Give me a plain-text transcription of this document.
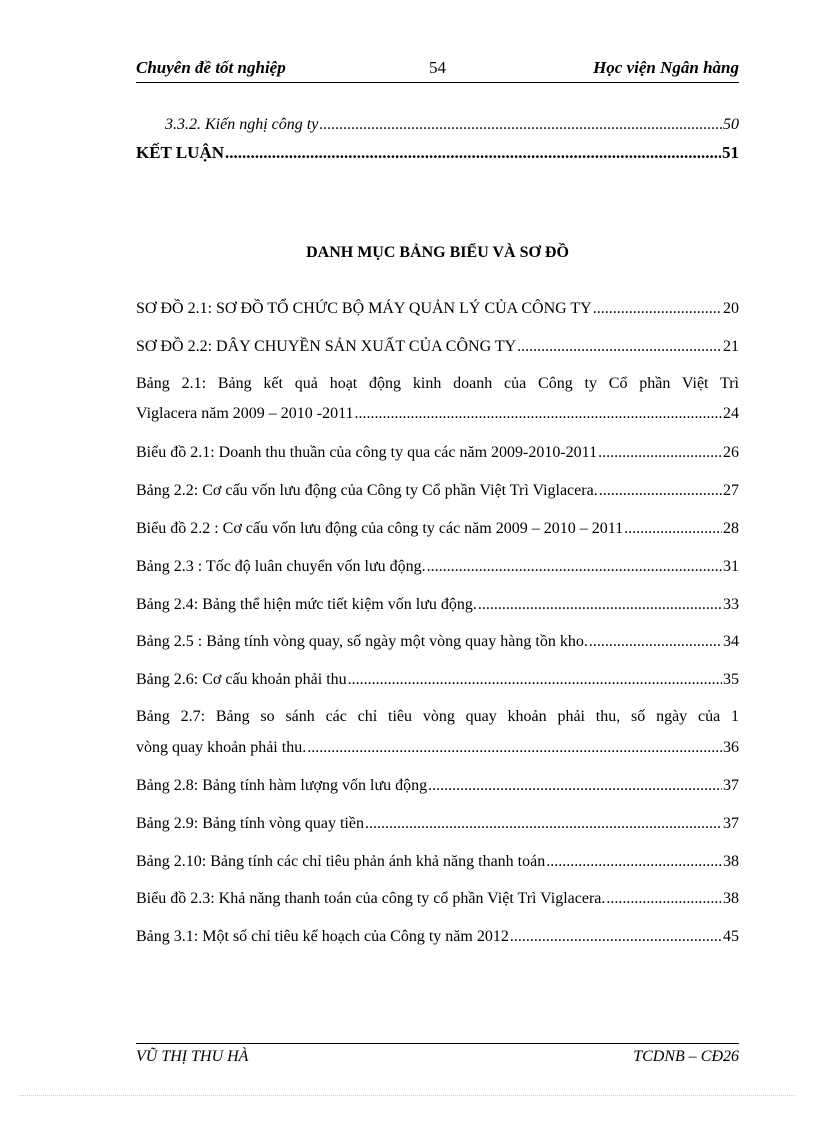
Chuyên đề tốt nghiệp	54	Học viện Ngân hàng
3.3.2. Kiến nghị công ty .....	50
KẾT LUẬN .....	51
DANH MỤC BẢNG BIỂU VÀ SƠ ĐỒ
SƠ ĐỒ 2.1: SƠ ĐỒ TỔ CHỨC BỘ MÁY QUẢN LÝ CỦA CÔNG TY .....	20
SƠ ĐỒ 2.2: DÂY CHUYỀN SẢN XUẤT CỦA CÔNG TY .....	21
Bảng 2.1: Bảng kết quả hoạt động kinh doanh của Công ty Cổ phần Việt Trì
Viglacera năm 2009 – 2010 -2011 .....	24
Biểu đồ 2.1: Doanh thu thuần của công ty qua các năm 2009-2010-2011 .....	26
Bảng 2.2: Cơ cấu vốn lưu động của Công ty Cổ phần Việt Trì Viglacera. .....	27
Biểu đồ 2.2 : Cơ cấu vốn lưu động của công ty các năm 2009 – 2010 – 2011 .....	28
Bảng 2.3 : Tốc độ luân chuyển vốn lưu động. .....	31
Bảng 2.4: Bảng thể hiện mức tiết kiệm vốn lưu động. .....	33
Bảng 2.5 : Bảng tính vòng quay, số ngày một vòng quay hàng tồn kho. .....	34
Bảng 2.6: Cơ cấu khoản phải thu .....	35
Bảng 2.7: Bảng so sánh các chỉ tiêu vòng quay khoản phải thu, số ngày của 1
vòng quay khoản phải thu. .....	36
Bảng 2.8: Bảng tính hàm lượng vốn lưu động .....	37
Bảng 2.9: Bảng tính vòng quay tiền .....	37
Bảng 2.10: Bảng tính các chỉ tiêu phản ánh khả năng thanh toán .....	38
Biểu đồ 2.3: Khả năng thanh toán của công ty cổ phần Việt Trì Viglacera. .....	38
Bảng 3.1: Một số chỉ tiêu kế hoạch của Công ty năm 2012 .....	45
VŨ THỊ THU HÀ	TCDNB – CĐ26
